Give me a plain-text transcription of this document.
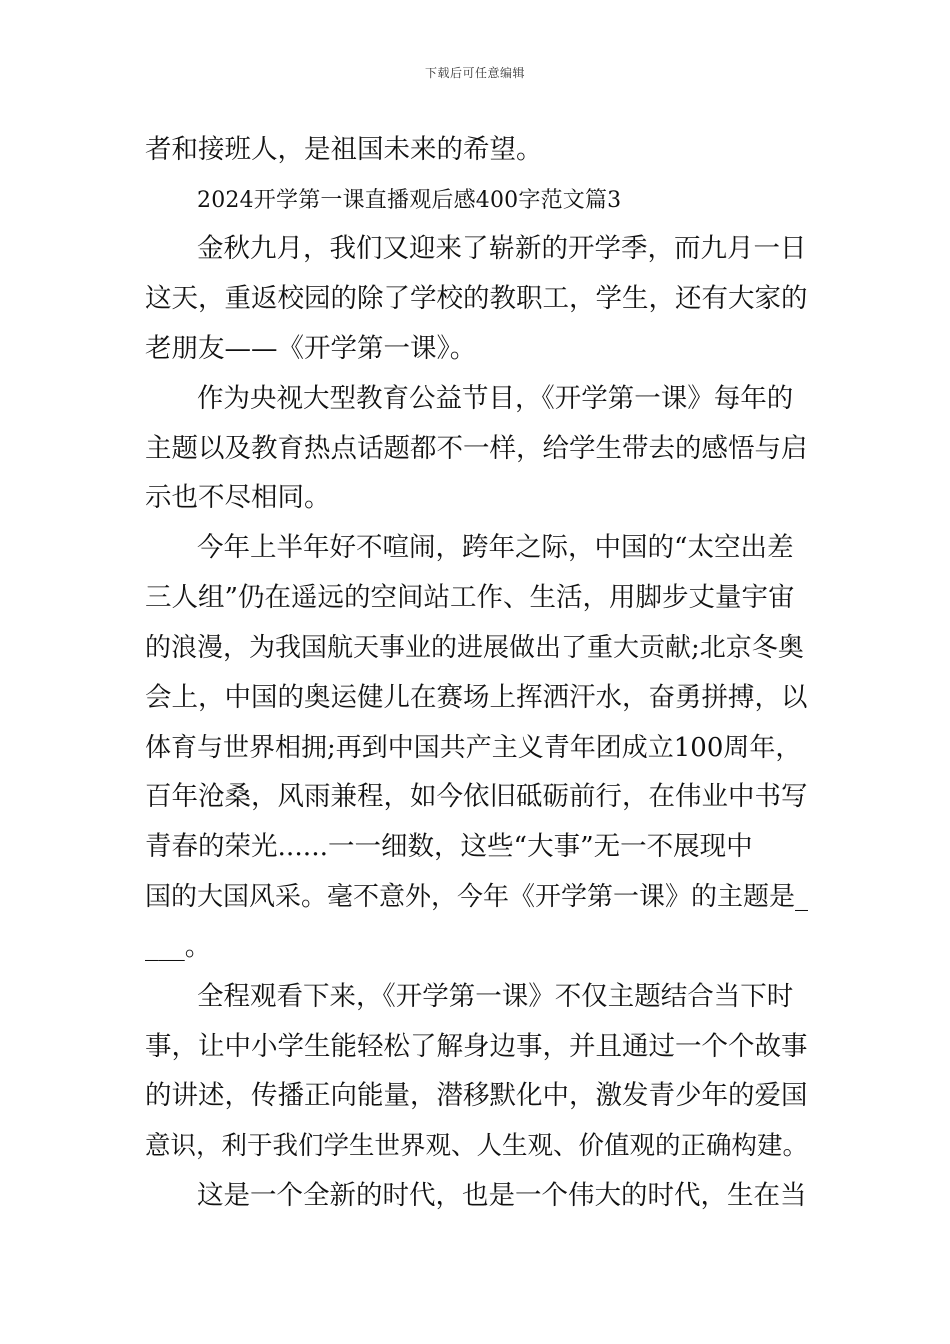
下载后可任意编辑
者和接班人，是祖国未来的希望。
2024开学第一课直播观后感400字范文篇3
金秋九月，我们又迎来了崭新的开学季，而九月一日
这天，重返校园的除了学校的教职工，学生，还有大家的
老朋友——《开学第一课》。
作为央视大型教育公益节目，《开学第一课》每年的
主题以及教育热点话题都不一样，给学生带去的感悟与启
示也不尽相同。
今年上半年好不喧闹，跨年之际，中国的“太空出差
三人组”仍在遥远的空间站工作、生活，用脚步丈量宇宙
的浪漫，为我国航天事业的进展做出了重大贡献;北京冬奥
会上，中国的奥运健儿在赛场上挥洒汗水，奋勇拼搏，以
体育与世界相拥;再到中国共产主义青年团成立100周年，
百年沧桑，风雨兼程，如今依旧砥砺前行，在伟业中书写
青春的荣光......一一细数，这些“大事”无一不展现中
国的大国风采。毫不意外，今年《开学第一课》的主题是_
___。
全程观看下来，《开学第一课》不仅主题结合当下时
事，让中小学生能轻松了解身边事，并且通过一个个故事
的讲述，传播正向能量，潜移默化中，激发青少年的爱国
意识，利于我们学生世界观、人生观、价值观的正确构建。
这是一个全新的时代，也是一个伟大的时代，生在当
